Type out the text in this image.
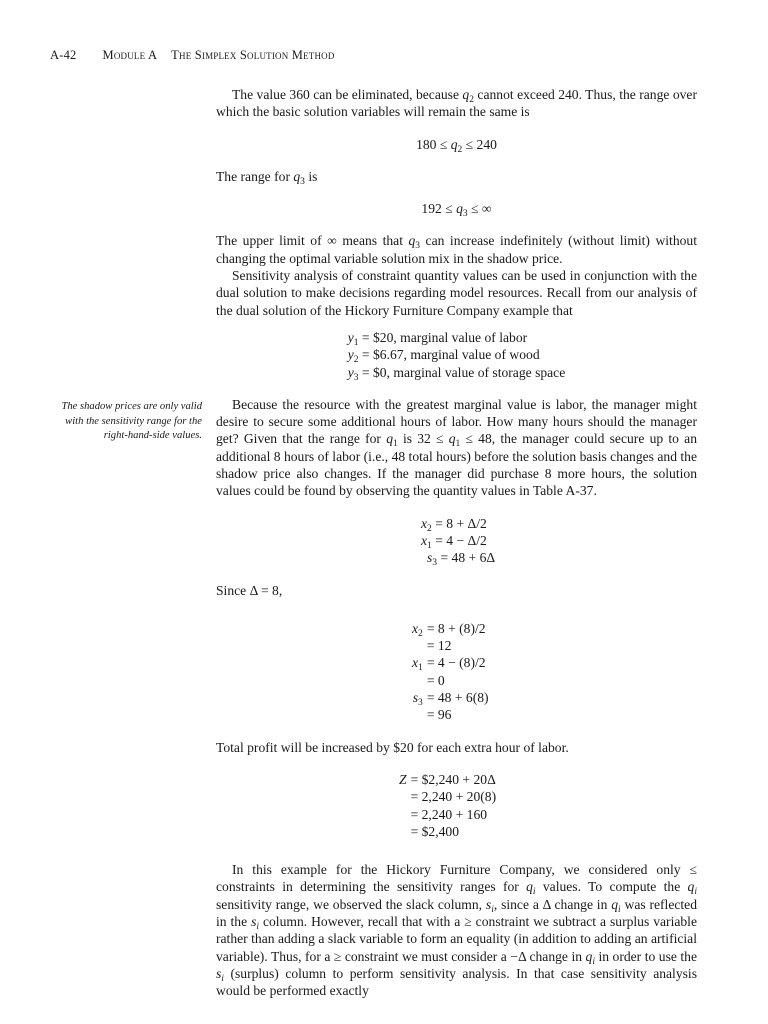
A-42 Module A The Simplex Solution Method
The shadow prices are only valid with the sensitivity range for the right-hand-side values.

The value 360 can be eliminated, because $q_2$ cannot exceed 240. Thus, the range over which the basic solution variables will remain the same is

$180 \le q_2 \le 240$

The range for $q_3$ is

$192 \le q_3$ ≤ ∞

The upper limit of ∞ means that $q_3$ can increase indefinitely (without limit) without changing the optimal variable solution mix in the shadow price.

Sensitivity analysis of constraint quantity values can be used in conjunction with the dual solution to make decisions regarding model resources. Recall from our analysis of the dual solution of the Hickory Furniture Company example that

$y_1$ = $20, marginal value of labor
$y_2$ = $6.67, marginal value of wood
$y_3$ = $0, marginal value of storage space

Because the resource with the greatest marginal value is labor, the manager might desire to secure some additional hours of labor. How many hours should the manager get? Given that the range for $q_1$ is $32 \le q_1 \le 48$, the manager could secure up to an additional 8 hours of labor (i.e., 48 total hours) before the solution basis changes and the shadow price also changes. If the manager did purchase 8 more hours, the solution values could be found by observing the quantity values in Table A-37.

$x_2 = 8 + \Delta/2$
$x_1 = 4 - \Delta/2$
$s_3 = 48 + 6\Delta$

Since Δ = 8,

$x_2$	= 8 + (8)/2
	= 12
$x_1$	= 4 − (8)/2
	= 0
$s_3$	= 48 + 6(8)
	= 96

Total profit will be increased by $20 for each extra hour of labor.

Z	= $2,240 + 20Δ
	= 2,240 + 20(8)
	= 2,240 + 160
	= $2,400

In this example for the Hickory Furniture Company, we considered only ≤ constraints in determining the sensitivity ranges for $q_i$ values. To compute the $q_i$ sensitivity range, we observed the slack column, $s_i$, since a Δ change in $q_i$ was reflected in the $s_i$ column. However, recall that with a ≥ constraint we subtract a surplus variable rather than adding a slack variable to form an equality (in addition to adding an artificial variable). Thus, for a ≥ constraint we must consider a −Δ change in $q_i$ in order to use the $s_i$ (surplus) column to perform sensitivity analysis. In that case sensitivity analysis would be performed exactly
